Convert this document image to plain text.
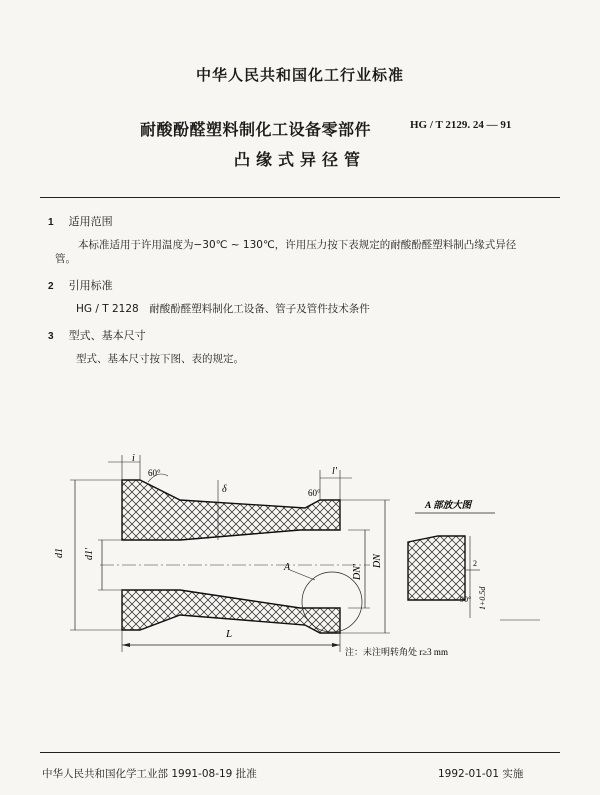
中华人民共和国化工行业标准
耐酸酚醛塑料制化工设备零部件	HG / T 2129. 24 — 91
凸缘式异径管
1 适用范围
本标准适用于许用温度为−30℃ ~ 130℃，许用压力按下表规定的耐酸酚醛塑料制凸缘式异径
管。
2 引用标准
HG / T 2128　耐酸酚醛塑料制化工设备、管子及管件技术条件
3 型式、基本尺寸
型式、基本尺寸按下图、表的规定。
d1 d1'
i
60°
δ
l'
60°
DN'
DN
A
L
A 部放大图
2
90° 1+0.5d
注：未注明转角处 r≥3 mm
中华人民共和国化学工业部 1991-08-19 批准	1992-01-01 实施
